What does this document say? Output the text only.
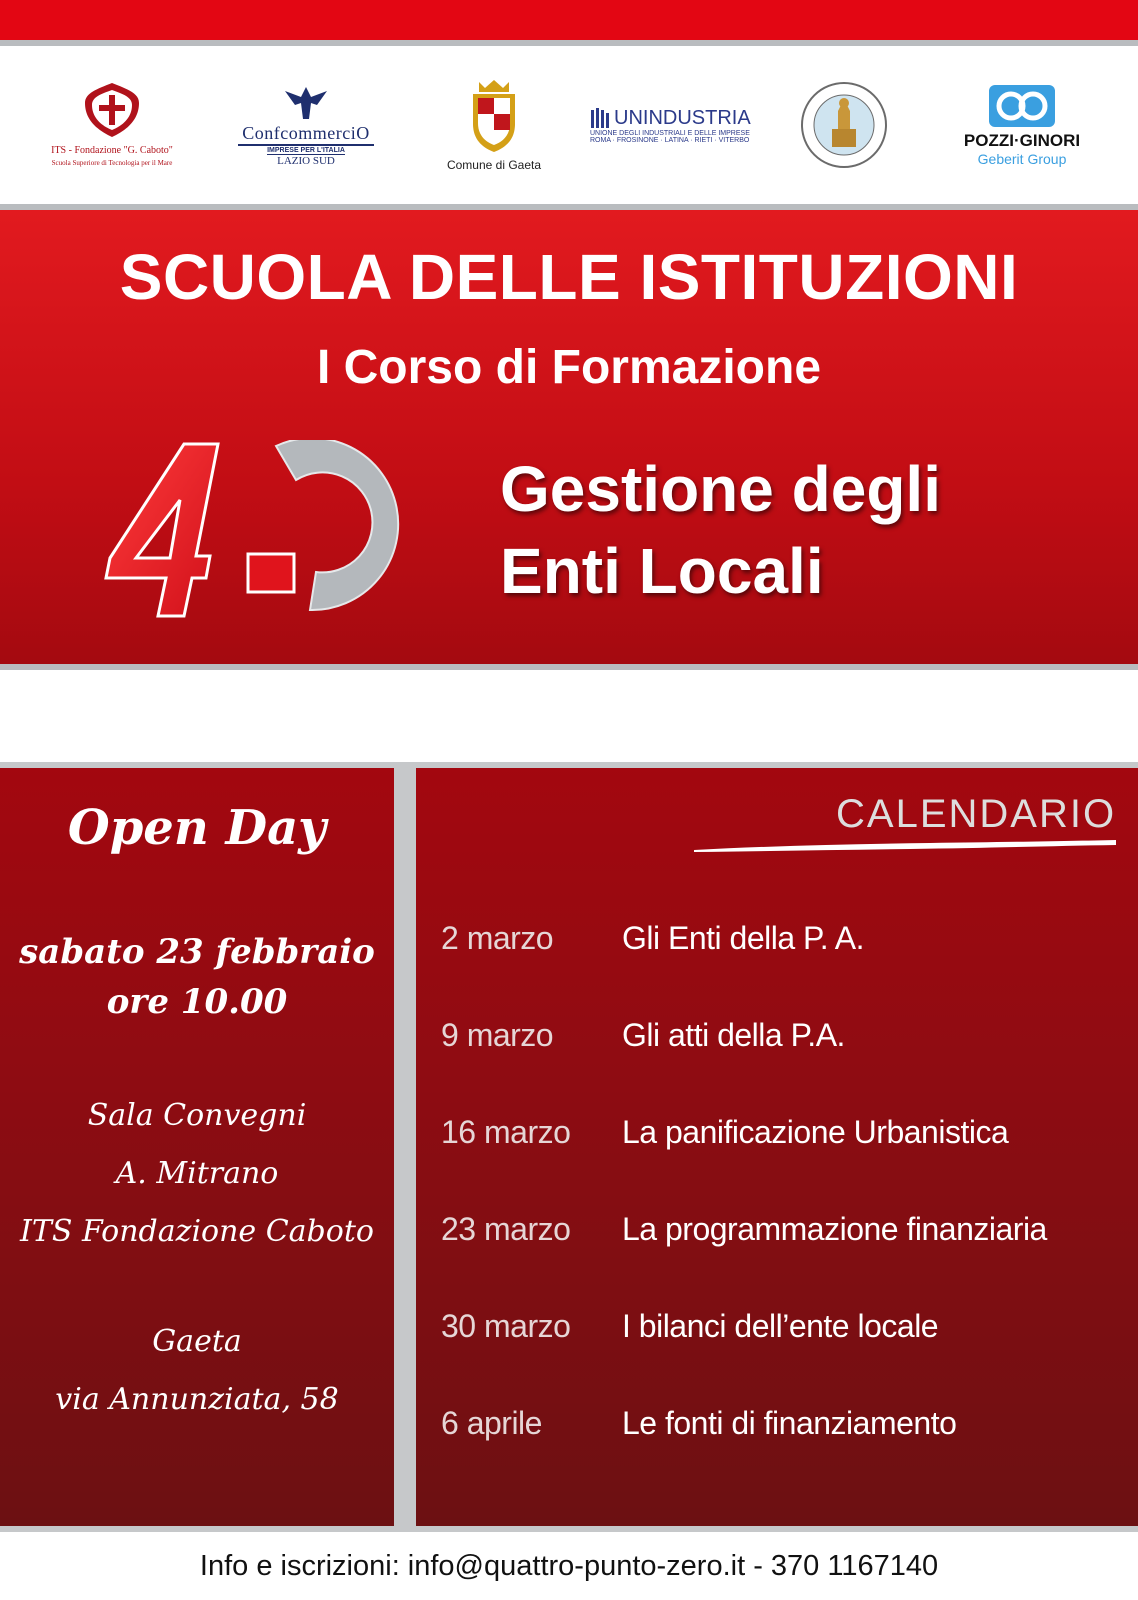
ITS - Fondazione "G. Caboto"
Scuola Superiore di Tecnologia per il Mare
ConfcommerciO
IMPRESE PER L'ITALIA
LAZIO SUD	Comune di Gaeta
UNINDUSTRIA
UNIONE DEGLI INDUSTRIALI E DELLE IMPRESE
ROMA · FROSINONE · LATINA · RIETI · VITERBO	POZZI·GINORI
Geberit Group
SCUOLA DELLE ISTITUZIONI
I Corso di Formazione
Gestione degli
Enti Locali
Open Day
sabato 23 febbraio
ore 10.00
Sala Convegni
A. Mitrano
ITS Fondazione Caboto
Gaeta
via Annunziata, 58
CALENDARIO
2 marzo Gli Enti della P. A.
9 marzo Gli atti della P.A.
16 marzo La panificazione Urbanistica
23 marzo La programmazione finanziaria
30 marzo I bilanci dell’ente locale
6 aprile	Le fonti di finanziamento
Info e iscrizioni: info@quattro-punto-zero.it - 370 1167140
